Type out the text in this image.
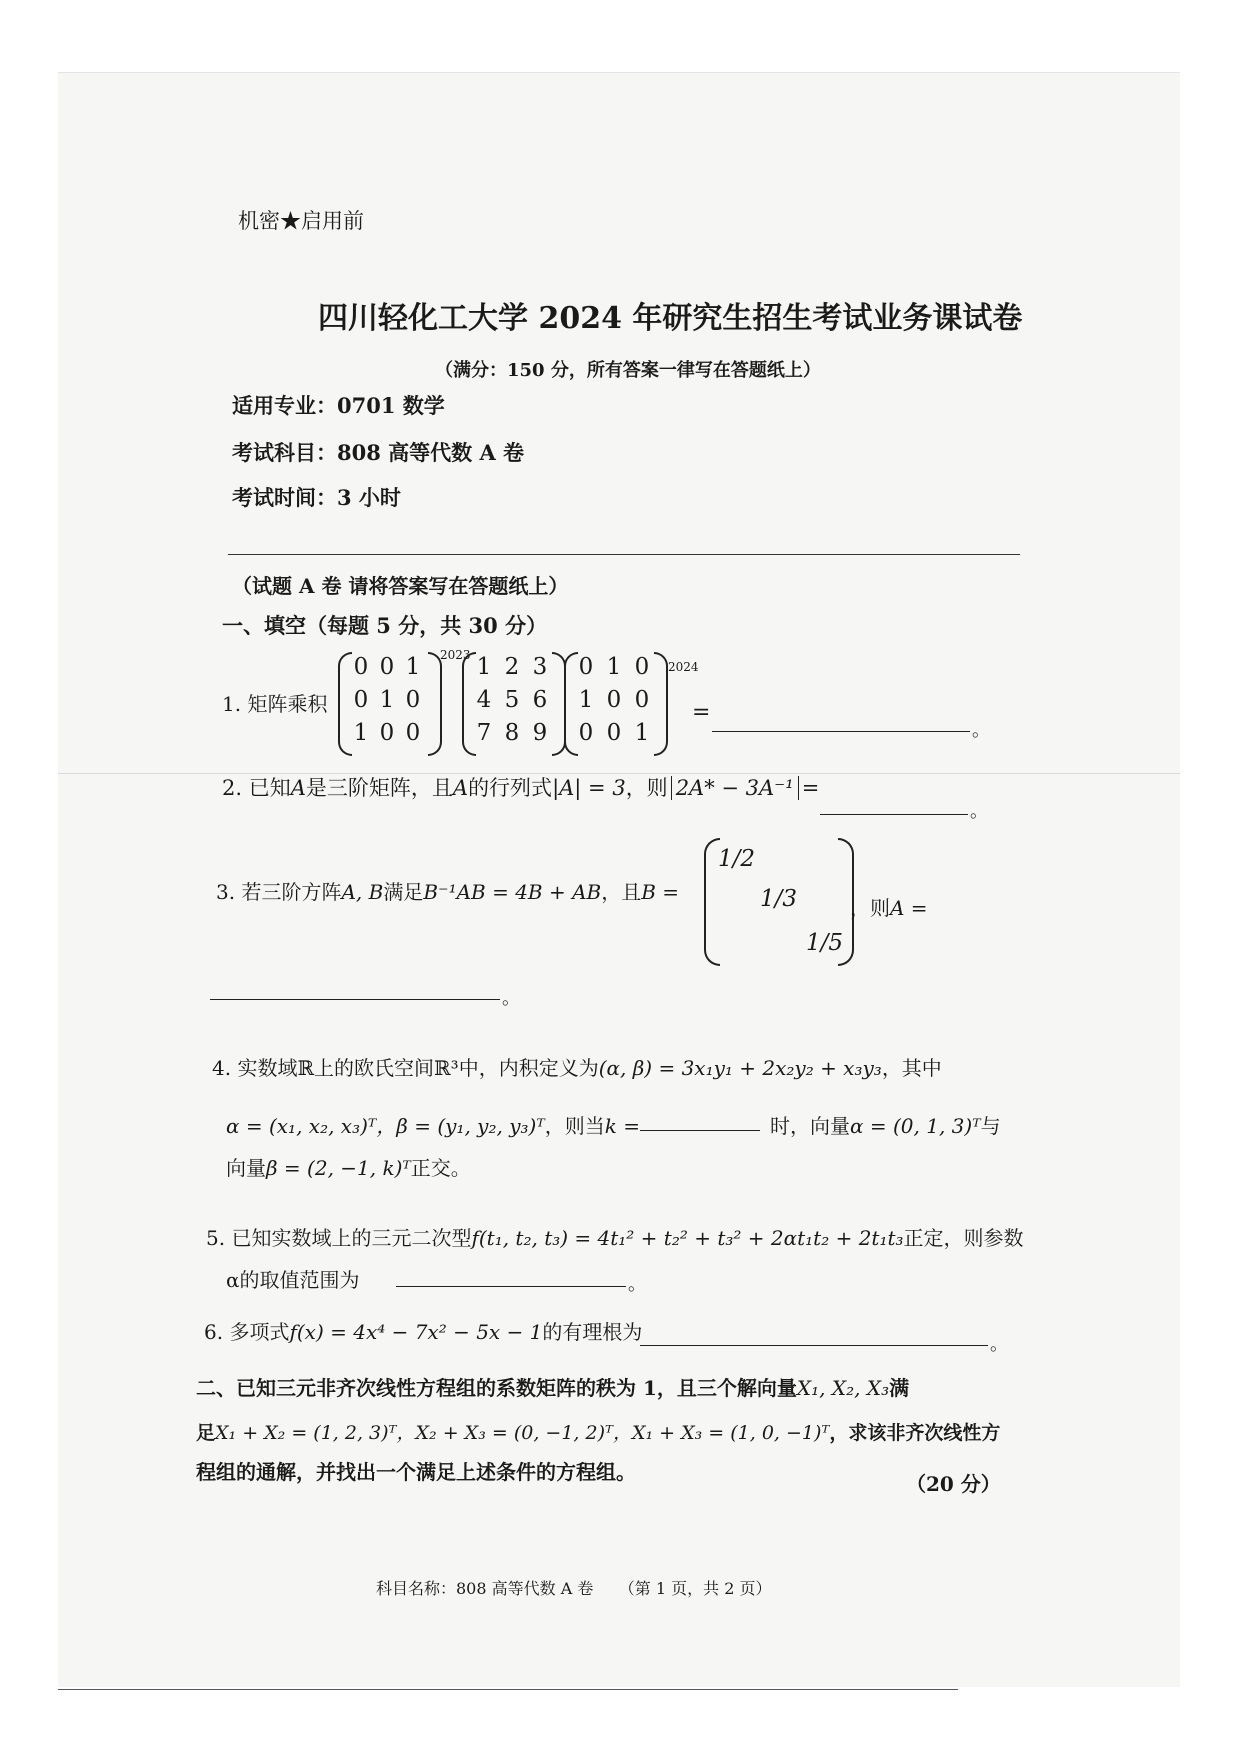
机密★启用前
四川轻化工大学 2024 年研究生招生考试业务课试卷
（满分：150 分，所有答案一律写在答题纸上）
适用专业：0701 数学
考试科目：808 高等代数 A 卷
考试时间：3 小时
（试题 A 卷 请将答案写在答题纸上）
一、填空（每题 5 分，共 30 分）
1. 矩阵乘积
0 0 1
0 1 0
1 0 0
2023 1 2 3
4 5 6
7 8 9
0 1 0
1 0 0
0 0 1
2024
=
。
2. 已知A是三阶矩阵，且A的行列式|A| = 3，则 2A* − 3A⁻¹ =
。
3. 若三阶方阵A, B满足B⁻¹AB = 4B + AB，且B =
1/2
1/3
1/5
，则A =
。
4. 实数域ℝ上的欧氏空间ℝ³中，内积定义为(α, β) = 3x₁y₁ + 2x₂y₂ + x₃y₃，其中
α = (x₁, x₂, x₃)ᵀ，β = (y₁, y₂, y₃)ᵀ，则当k =	时，向量α = (0, 1, 3)ᵀ与
向量β = (2, −1, k)ᵀ正交。
5. 已知实数域上的三元二次型f(t₁, t₂, t₃) = 4t₁² + t₂² + t₃² + 2αt₁t₂ + 2t₁t₃正定，则参数
α的取值范围为	。
6. 多项式f(x) = 4x⁴ − 7x² − 5x − 1的有理根为
。
二、已知三元非齐次线性方程组的系数矩阵的秩为 1，且三个解向量X₁, X₂, X₃满
足X₁ + X₂ = (1, 2, 3)ᵀ，X₂ + X₃ = (0, −1, 2)ᵀ，X₁ + X₃ = (1, 0, −1)ᵀ，求该非齐次线性方
程组的通解，并找出一个满足上述条件的方程组。	（20 分）
科目名称：808 高等代数 A 卷     （第 1 页，共 2 页）
